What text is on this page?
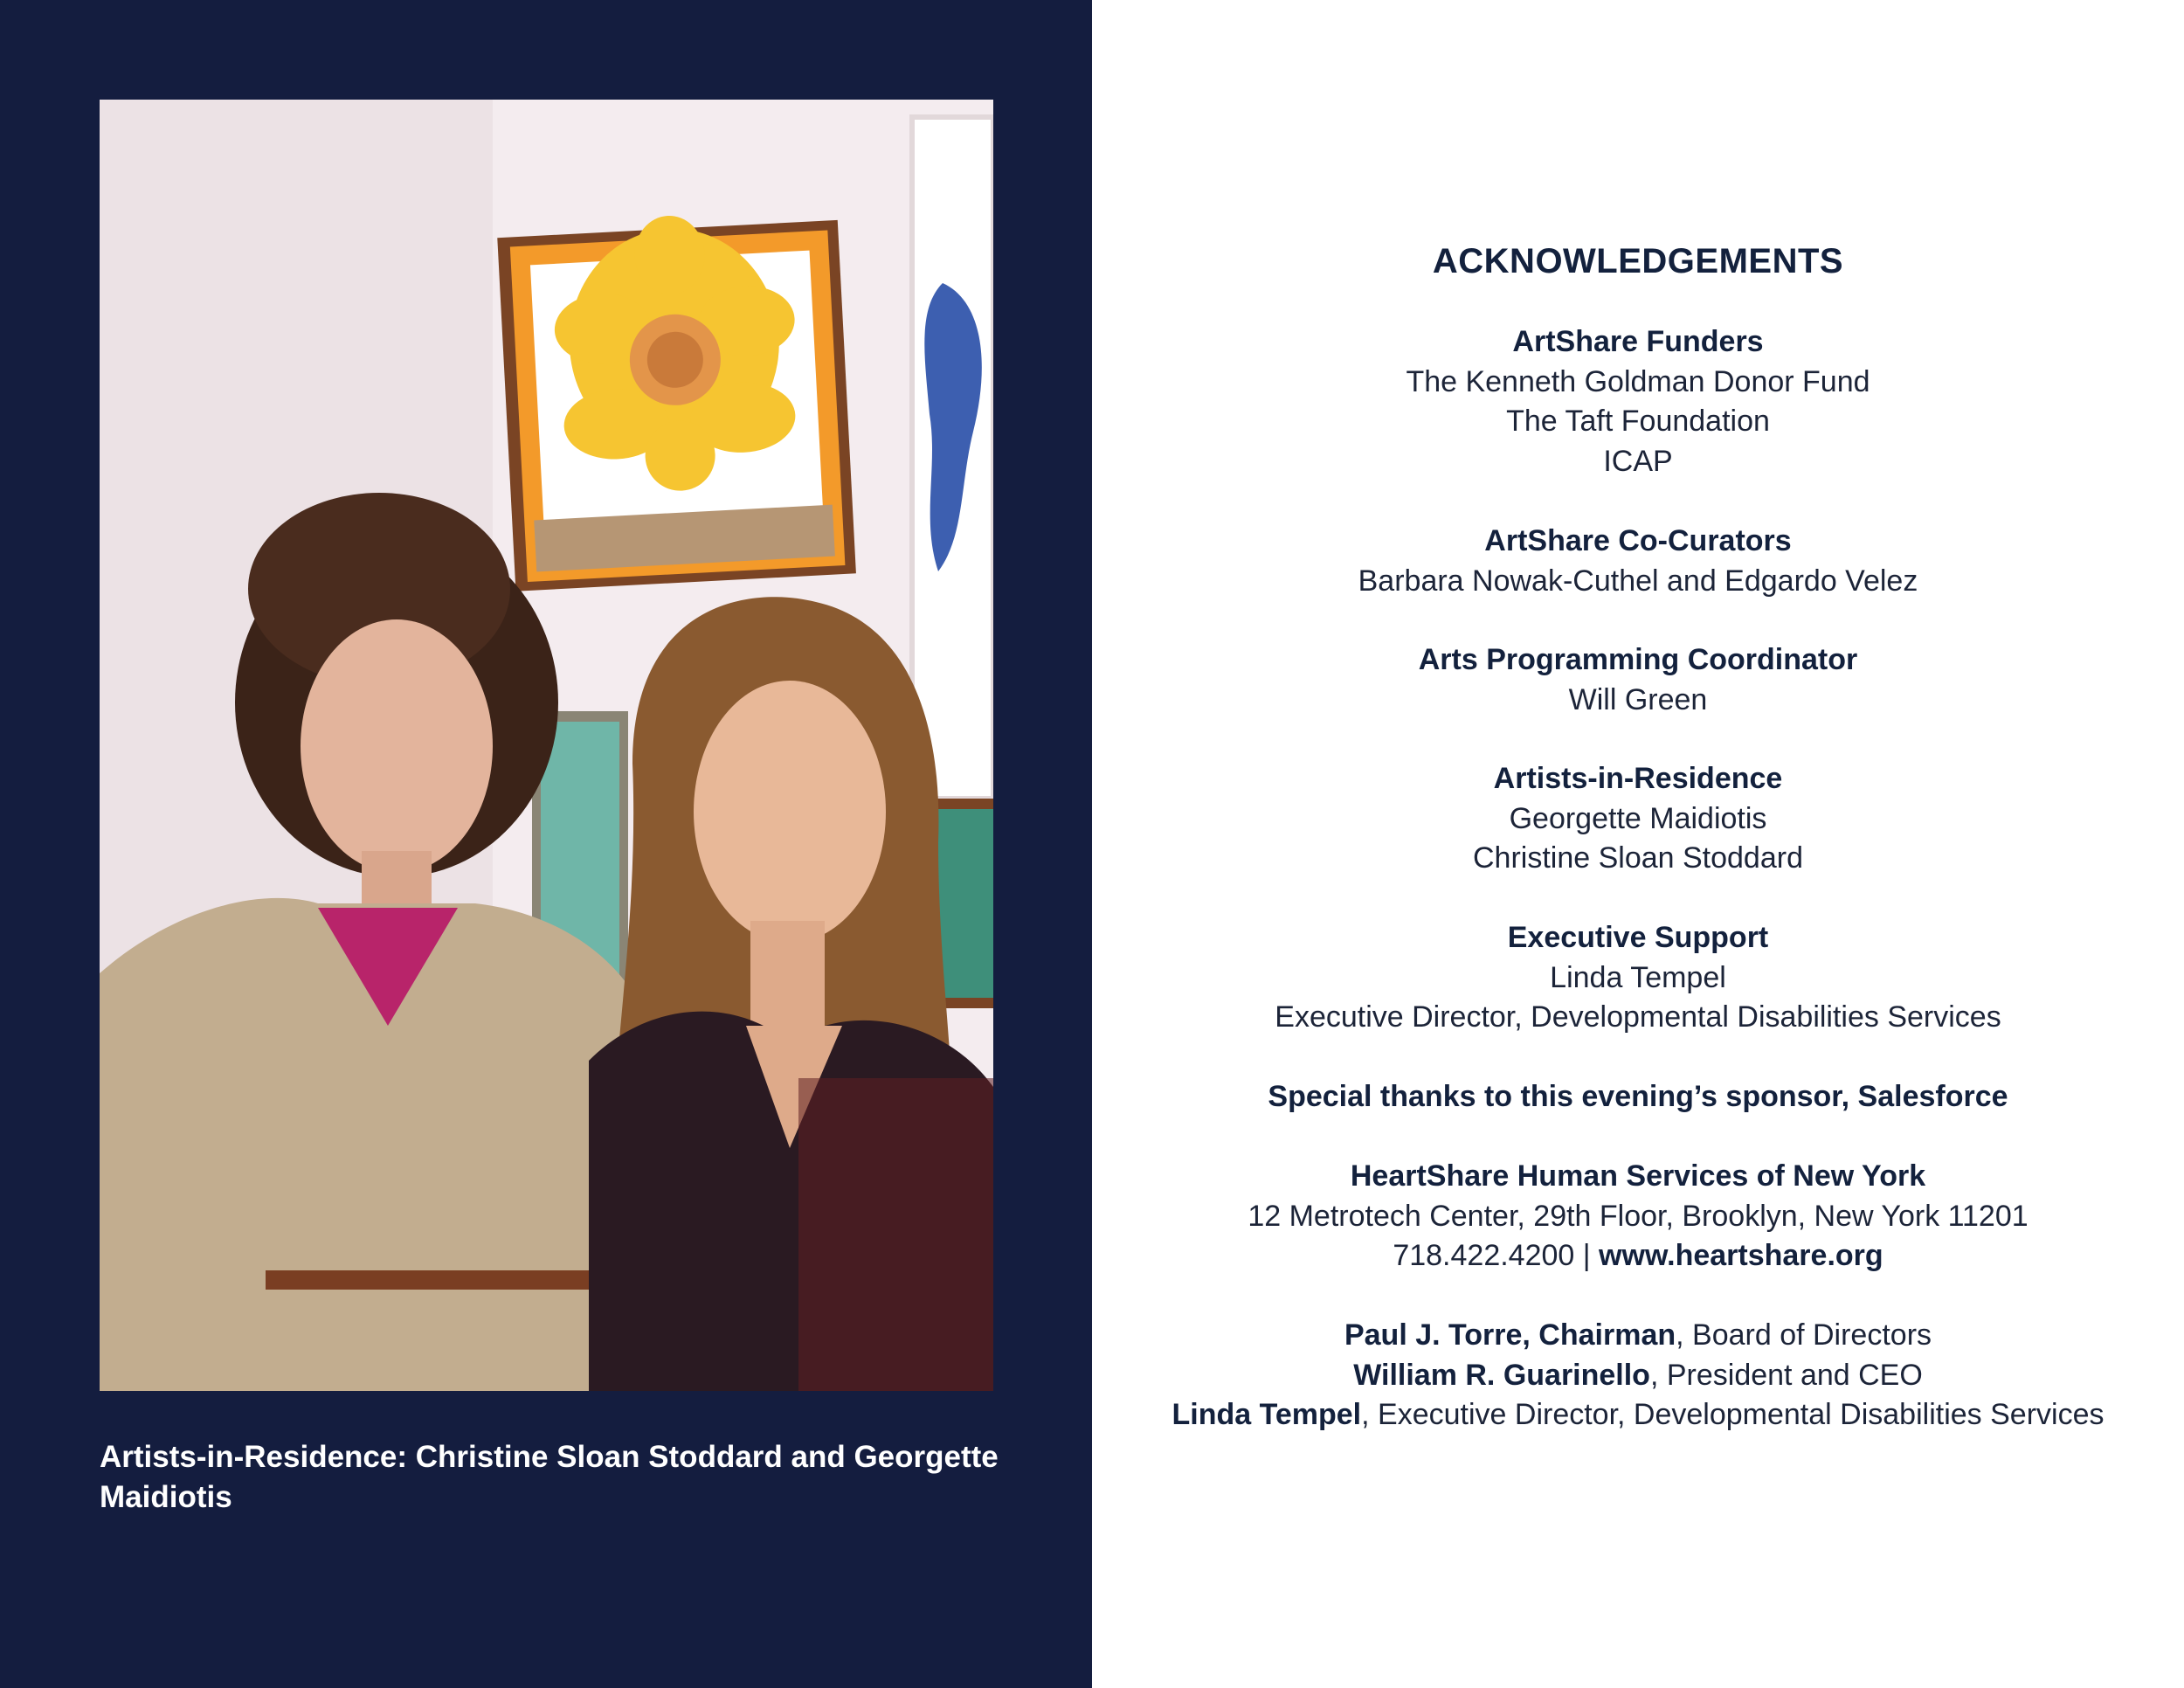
Artists-in-Residence: Christine Sloan Stoddard and Georgette Maidiotis
ACKNOWLEDGEMENTS
ArtShare Funders
The Kenneth Goldman Donor Fund
The Taft Foundation
ICAP
ArtShare Co-Curators
Barbara Nowak-Cuthel and Edgardo Velez
Arts Programming Coordinator
Will Green
Artists-in-Residence
Georgette Maidiotis
Christine Sloan Stoddard
Executive Support
Linda Tempel
Executive Director, Developmental Disabilities Services
Special thanks to this evening’s sponsor, Salesforce
HeartShare Human Services of New York
12 Metrotech Center, 29th Floor, Brooklyn, New York 11201
718.422.4200 | www.heartshare.org
Paul J. Torre, Chairman, Board of Directors
William R. Guarinello, President and CEO
Linda Tempel, Executive Director, Developmental Disabilities Services
